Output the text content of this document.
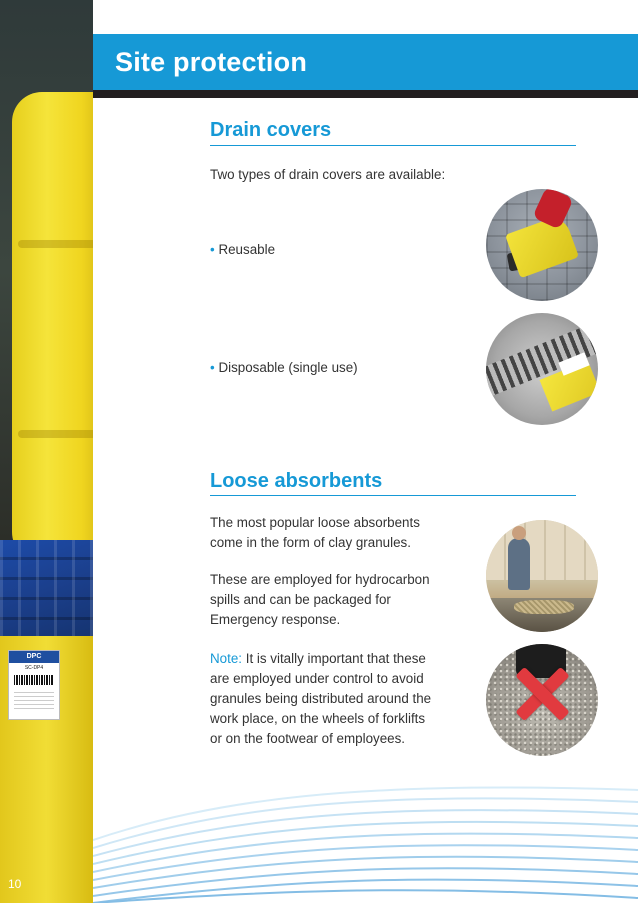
DPC
SC-DP4
10
Site protection
Drain covers
Two types of drain covers are available:
• Reusable
• Disposable (single use)
Loose absorbents
The most popular loose absorbents
come in the form of clay granules.
These are employed for hydrocarbon
spills and can be packaged for
Emergency response.
Note: It is vitally important that these
are employed under control to avoid
granules being distributed around the
work place, on the wheels of forklifts
or on the footwear of employees.
